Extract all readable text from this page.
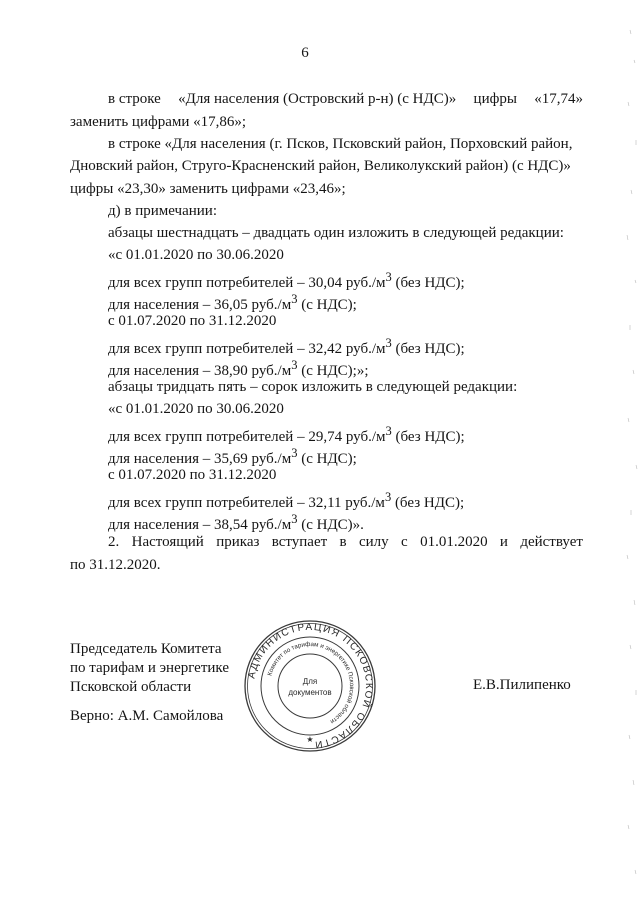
6
в строке «Для населения (Островский р-н) (с НДС)» цифры «17,74»
заменить цифрами «17,86»;
в строке «Для населения (г. Псков, Псковский район, Порховский район,
Дновский район, Струго-Красненский район, Великолукский район) (с НДС)»
цифры «23,30» заменить цифрами «23,46»;
д) в примечании:
абзацы шестнадцать – двадцать один изложить в следующей редакции:
«с 01.01.2020 по 30.06.2020
для всех групп потребителей – 30,04 $руб./м^3$ (без НДС);
для населения – 36,05 $руб./м^3$ (с НДС);
с 01.07.2020 по 31.12.2020
для всех групп потребителей – 32,42 $руб./м^3$ (без НДС);
для населения – 38,90 $руб./м^3$ (с НДС);»;
абзацы тридцать пять – сорок изложить в следующей редакции:
«с 01.01.2020 по 30.06.2020
для всех групп потребителей – 29,74 $руб./м^3$ (без НДС);
для населения – 35,69 $руб./м^3$ (с НДС);
с 01.07.2020 по 31.12.2020
для всех групп потребителей – 32,11 $руб./м^3$ (без НДС);
для населения – 38,54 $руб./м^3$ (с НДС)».
2. Настоящий приказ вступает в силу с 01.01.2020 и действует
по 31.12.2020.
Председатель Комитета
по тарифам и энергетике
Псковской области
АДМИНИСТРАЦИЯ ПСКОВСКОЙ ОБЛАСТИ
Комитет по тарифам и энергетике Псковской области
Для
документов
★
Е.В.Пилипенко
Верно: А.М. Самойлова
